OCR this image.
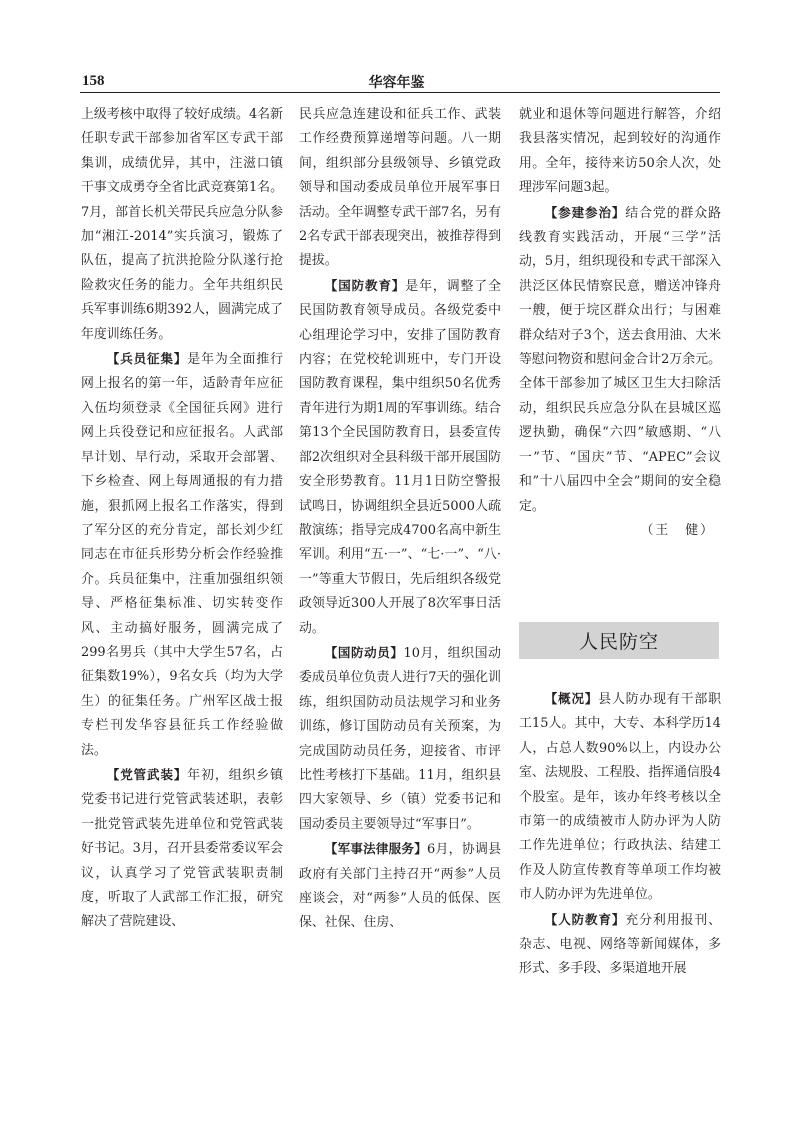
158	华容年鉴

上级考核中取得了较好成绩。4名新任职专武干部参加省军区专武干部集训，成绩优异，其中，注滋口镇干事文成勇夺全省比武竞赛第1名。7月，部首长机关带民兵应急分队参加“湘江-2014”实兵演习，锻炼了队伍，提高了抗洪抢险分队遂行抢险救灾任务的能力。全年共组织民兵军事训练6期392人，圆满完成了年度训练任务。

【兵员征集】是年为全面推行网上报名的第一年，适龄青年应征入伍均须登录《全国征兵网》进行网上兵役登记和应征报名。人武部早计划、早行动，采取开会部署、下乡检查、网上每周通报的有力措施，狠抓网上报名工作落实，得到了军分区的充分肯定，部长刘少红同志在市征兵形势分析会作经验推介。兵员征集中，注重加强组织领导、严格征集标准、切实转变作风、主动搞好服务，圆满完成了299名男兵（其中大学生57名，占征集数19%），9名女兵（均为大学生）的征集任务。广州军区战士报专栏刊发华容县征兵工作经验做法。

【党管武装】年初，组织乡镇党委书记进行党管武装述职，表彰一批党管武装先进单位和党管武装好书记。3月，召开县委常委议军会议，认真学习了党管武装职责制度，听取了人武部工作汇报，研究解决了营院建设、

民兵应急连建设和征兵工作、武装工作经费预算递增等问题。八一期间，组织部分县级领导、乡镇党政领导和国动委成员单位开展军事日活动。全年调整专武干部7名，另有2名专武干部表现突出，被推荐得到提拔。

【国防教育】是年，调整了全民国防教育领导成员。各级党委中心组理论学习中，安排了国防教育内容；在党校轮训班中，专门开设国防教育课程，集中组织50名优秀青年进行为期1周的军事训练。结合第13个全民国防教育日，县委宣传部2次组织对全县科级干部开展国防安全形势教育。11月1日防空警报试鸣日，协调组织全县近5000人疏散演练；指导完成4700名高中新生军训。利用“五·一”、“七·一”、“八·一”等重大节假日，先后组织各级党政领导近300人开展了8次军事日活动。

【国防动员】10月，组织国动委成员单位负责人进行7天的强化训练，组织国防动员法规学习和业务训练，修订国防动员有关预案，为完成国防动员任务，迎接省、市评比性考核打下基础。11月，组织县四大家领导、乡（镇）党委书记和国动委员主要领导过“军事日”。

【军事法律服务】6月，协调县政府有关部门主持召开“两参”人员座谈会，对“两参”人员的低保、医保、社保、住房、

就业和退休等问题进行解答，介绍我县落实情况，起到较好的沟通作用。全年，接待来访50余人次，处理涉军问题3起。

【参建参治】结合党的群众路线教育实践活动，开展“三学”活动，5月，组织现役和专武干部深入洪泛区体民情察民意，赠送冲锋舟一艘，便于垸区群众出行；与困难群众结对子3个，送去食用油、大米等慰问物资和慰问金合计2万余元。全体干部参加了城区卫生大扫除活动，组织民兵应急分队在县城区巡逻执勤，确保“六四”敏感期、“八一”节、“国庆”节、“APEC”会议和”十八届四中全会”期间的安全稳定。

（王　健）

人民防空

【概况】县人防办现有干部职工15人。其中，大专、本科学历14人，占总人数90%以上，内设办公室、法规股、工程股、指挥通信股4个股室。是年，该办年终考核以全市第一的成绩被市人防办评为人防工作先进单位；行政执法、结建工作及人防宣传教育等单项工作均被市人防办评为先进单位。

【人防教育】充分利用报刊、杂志、电视、网络等新闻媒体，多形式、多手段、多渠道地开展
